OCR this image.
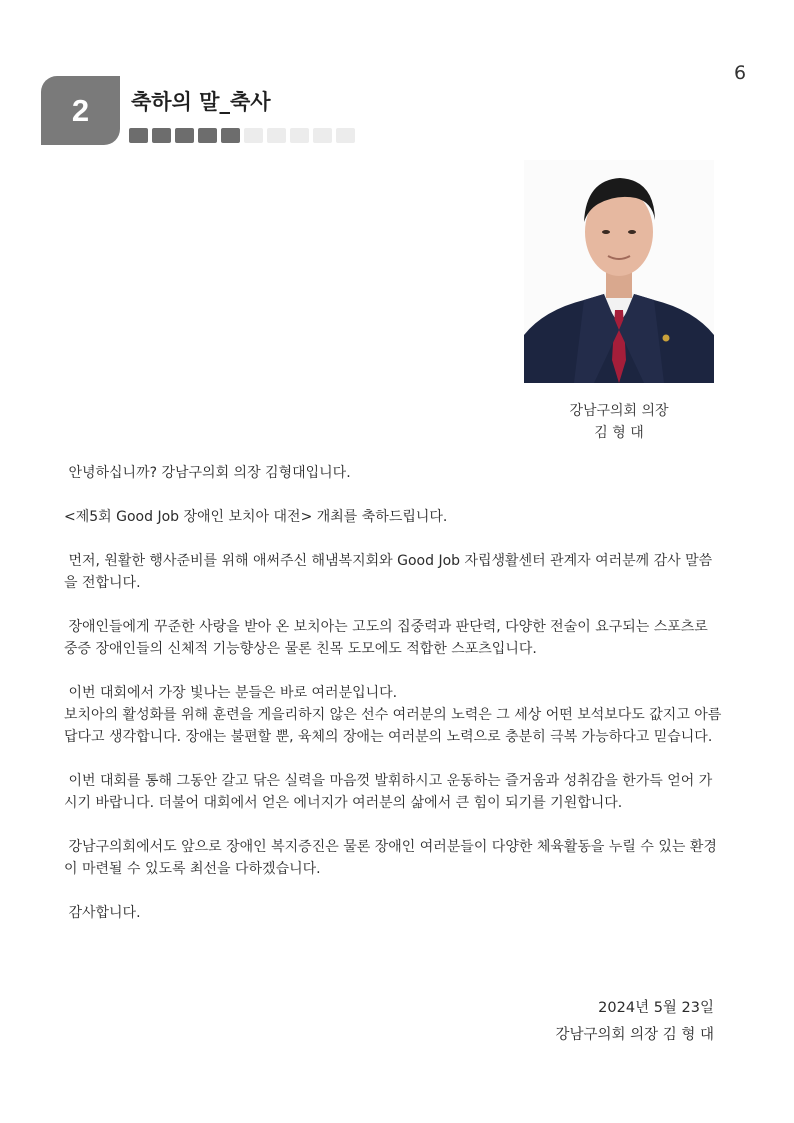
6
2 축하의 말_축사
강남구의회 의장
김 형 대

안녕하십니까? 강남구의회 의장 김형대입니다.

<제5회 Good Job 장애인 보치아 대전> 개최를 축하드립니다.

먼저, 원활한 행사준비를 위해 애써주신 해냄복지회와 Good Job 자립생활센터 관계자 여러분께 감사 말씀을 전합니다.

장애인들에게 꾸준한 사랑을 받아 온 보치아는 고도의 집중력과 판단력, 다양한 전술이 요구되는 스포츠로 중증 장애인들의 신체적 기능향상은 물론 친목 도모에도 적합한 스포츠입니다.

이번 대회에서 가장 빛나는 분들은 바로 여러분입니다.
보치아의 활성화를 위해 훈련을 게을리하지 않은 선수 여러분의 노력은 그 세상 어떤 보석보다도 값지고 아름답다고 생각합니다. 장애는 불편할 뿐, 육체의 장애는 여러분의 노력으로 충분히 극복 가능하다고 믿습니다.

이번 대회를 통해 그동안 갈고 닦은 실력을 마음껏 발휘하시고 운동하는 즐거움과 성취감을 한가득 얻어 가시기 바랍니다. 더불어 대회에서 얻은 에너지가 여러분의 삶에서 큰 힘이 되기를 기원합니다.

강남구의회에서도 앞으로 장애인 복지증진은 물론 장애인 여러분들이 다양한 체육활동을 누릴 수 있는 환경이 마련될 수 있도록 최선을 다하겠습니다.

감사합니다.

2024년 5월 23일
강남구의회 의장 김 형 대
